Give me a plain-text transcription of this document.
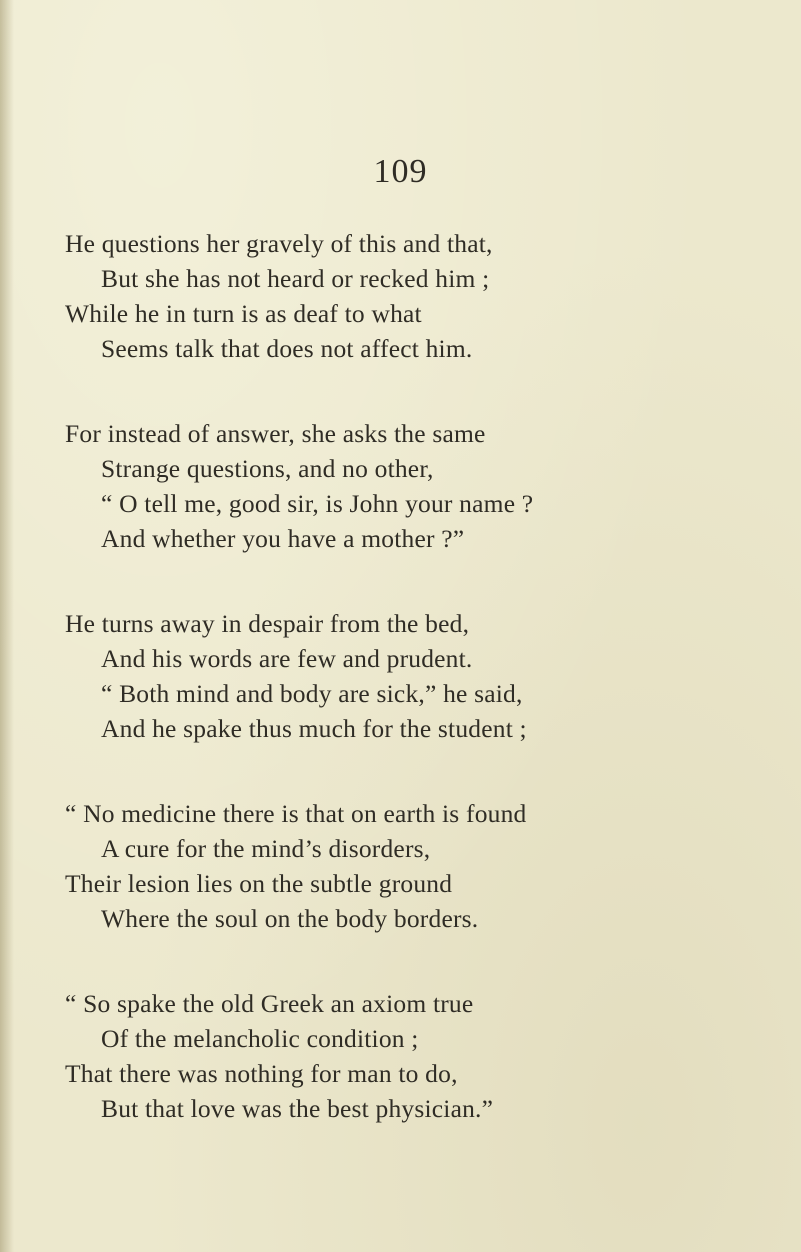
109
He questions her gravely of this and that,
But she has not heard or recked him ;
While he in turn is as deaf to what
Seems talk that does not affect him.
For instead of answer, she asks the same
Strange questions, and no other,
“ O tell me, good sir, is John your name ?
And whether you have a mother ?”
He turns away in despair from the bed,
And his words are few and prudent.
“ Both mind and body are sick,” he said,
And he spake thus much for the student ;
“ No medicine there is that on earth is found
A cure for the mind’s disorders,
Their lesion lies on the subtle ground
Where the soul on the body borders.
“ So spake the old Greek an axiom true
Of the melancholic condition ;
That there was nothing for man to do,
But that love was the best physician.”
